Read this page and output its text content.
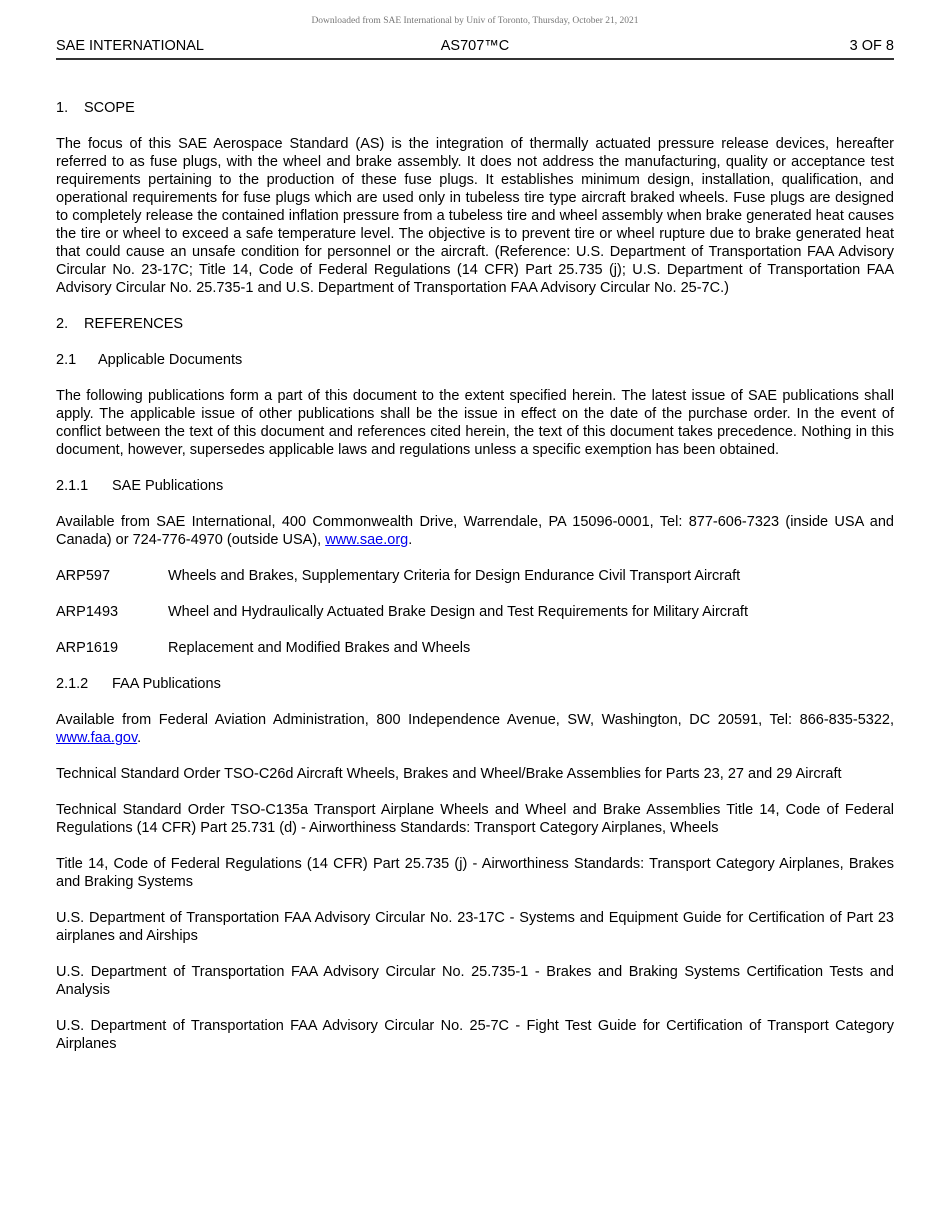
Downloaded from SAE International by Univ of Toronto, Thursday, October 21, 2021
SAE INTERNATIONAL	AS707™C	3 OF 8

1. SCOPE

The focus of this SAE Aerospace Standard (AS) is the integration of thermally actuated pressure release devices, hereafter referred to as fuse plugs, with the wheel and brake assembly. It does not address the manufacturing, quality or acceptance test requirements pertaining to the production of these fuse plugs. It establishes minimum design, installation, qualification, and operational requirements for fuse plugs which are used only in tubeless tire type aircraft braked wheels. Fuse plugs are designed to completely release the contained inflation pressure from a tubeless tire and wheel assembly when brake generated heat causes the tire or wheel to exceed a safe temperature level. The objective is to prevent tire or wheel rupture due to brake generated heat that could cause an unsafe condition for personnel or the aircraft. (Reference: U.S. Department of Transportation FAA Advisory Circular No. 23-17C; Title 14, Code of Federal Regulations (14 CFR) Part 25.735 (j); U.S. Department of Transportation FAA Advisory Circular No. 25.735-1 and U.S. Department of Transportation FAA Advisory Circular No. 25-7C.)

2. REFERENCES

2.1 Applicable Documents

The following publications form a part of this document to the extent specified herein. The latest issue of SAE publications shall apply. The applicable issue of other publications shall be the issue in effect on the date of the purchase order. In the event of conflict between the text of this document and references cited herein, the text of this document takes precedence. Nothing in this document, however, supersedes applicable laws and regulations unless a specific exemption has been obtained.

2.1.1 SAE Publications

Available from SAE International, 400 Commonwealth Drive, Warrendale, PA 15096-0001, Tel: 877-606-7323 (inside USA and Canada) or 724-776-4970 (outside USA), www.sae.org.

ARP597	Wheels and Brakes, Supplementary Criteria for Design Endurance Civil Transport Aircraft

ARP1493	Wheel and Hydraulically Actuated Brake Design and Test Requirements for Military Aircraft

ARP1619	Replacement and Modified Brakes and Wheels

2.1.2 FAA Publications

Available from Federal Aviation Administration, 800 Independence Avenue, SW, Washington, DC 20591, Tel: 866-835-5322, www.faa.gov.

Technical Standard Order TSO-C26d Aircraft Wheels, Brakes and Wheel/Brake Assemblies for Parts 23, 27 and 29 Aircraft

Technical Standard Order TSO-C135a Transport Airplane Wheels and Wheel and Brake Assemblies Title 14, Code of Federal Regulations (14 CFR) Part 25.731 (d) - Airworthiness Standards: Transport Category Airplanes, Wheels

Title 14, Code of Federal Regulations (14 CFR) Part 25.735 (j) - Airworthiness Standards: Transport Category Airplanes, Brakes and Braking Systems

U.S. Department of Transportation FAA Advisory Circular No. 23-17C - Systems and Equipment Guide for Certification of Part 23 airplanes and Airships

U.S. Department of Transportation FAA Advisory Circular No. 25.735-1 - Brakes and Braking Systems Certification Tests and Analysis

U.S. Department of Transportation FAA Advisory Circular No. 25-7C - Fight Test Guide for Certification of Transport Category Airplanes
